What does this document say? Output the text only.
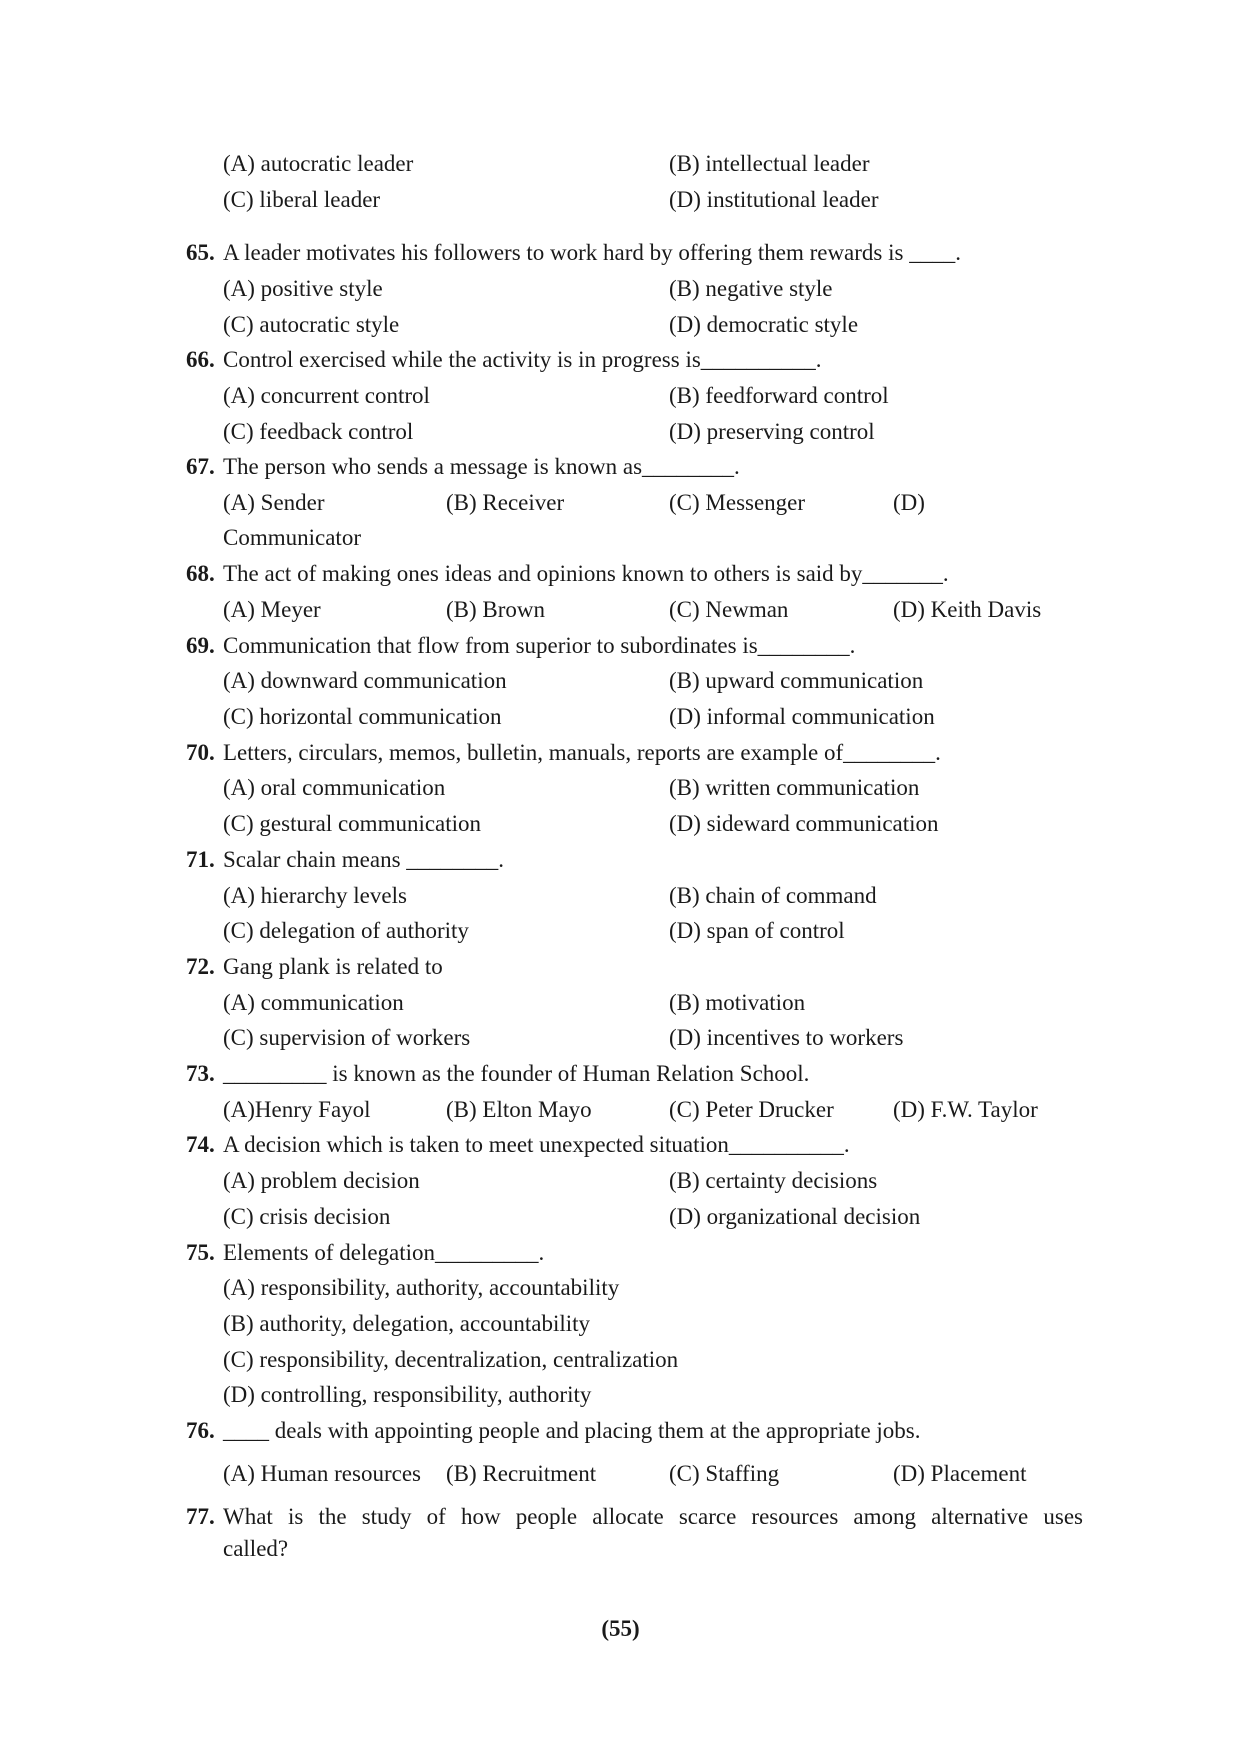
(A) autocratic leader	(B) intellectual leader
(C) liberal leader	(D) institutional leader
65. A leader motivates his followers to work hard by offering them rewards is ____.
(A) positive style	(B) negative style
(C) autocratic style	(D) democratic style
66. Control exercised while the activity is in progress is__________.
(A) concurrent control	(B) feedforward control
(C) feedback control	(D) preserving control
67. The person who sends a message is known as________.
(A) Sender	(B) Receiver	(C) Messenger	(D)
Communicator
68. The act of making ones ideas and opinions known to others is said by_______.
(A) Meyer	(B) Brown	(C) Newman	(D) Keith Davis
69. Communication that flow from superior to subordinates is________.
(A) downward communication	(B) upward communication
(C) horizontal communication	(D) informal communication
70. Letters, circulars, memos, bulletin, manuals, reports are example of________.
(A) oral communication	(B) written communication
(C) gestural communication	(D) sideward communication
71. Scalar chain means ________.
(A) hierarchy levels	(B) chain of command
(C) delegation of authority	(D) span of control
72. Gang plank is related to
(A) communication	(B) motivation
(C) supervision of workers	(D) incentives to workers
73. _________ is known as the founder of Human Relation School.
(A)Henry Fayol	(B) Elton Mayo	(C) Peter Drucker	(D) F.W. Taylor
74. A decision which is taken to meet unexpected situation__________.
(A) problem decision	(B) certainty decisions
(C) crisis decision	(D) organizational decision
75. Elements of delegation_________.
(A) responsibility, authority, accountability
(B) authority, delegation, accountability
(C) responsibility, decentralization, centralization
(D) controlling, responsibility, authority
76. ____ deals with appointing people and placing them at the appropriate jobs.
(A) Human resources (B) Recruitment	(C) Staffing	(D) Placement
77. What is the study of how people allocate scarce resources among alternative uses
called?
(55)
